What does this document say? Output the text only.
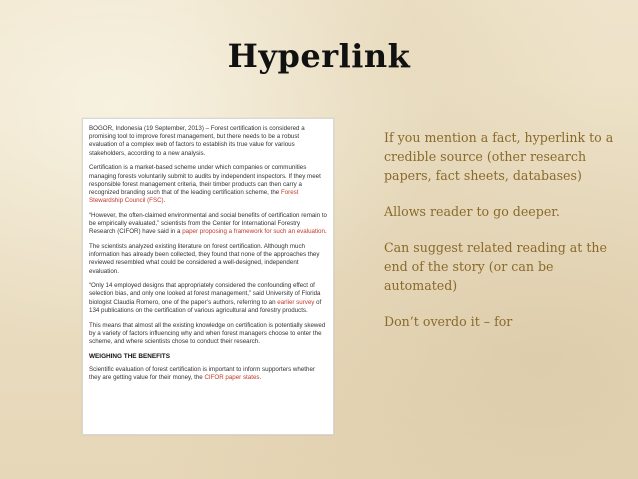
Hyperlink

BOGOR, Indonesia (19 September, 2013) – Forest certification is considered a promising tool to improve forest management, but there needs to be a robust evaluation of a complex web of factors to establish its true value for various stakeholders, according to a new analysis.

Certification is a market-based scheme under which companies or communities managing forests voluntarily submit to audits by independent inspectors. If they meet responsible forest management criteria, their timber products can then carry a recognized branding such that of the leading certification scheme, the Forest Stewardship Council (FSC).

“However, the often-claimed environmental and social benefits of certification remain to be empirically evaluated,” scientists from the Center for International Forestry Research (CIFOR) have said in a paper proposing a framework for such an evaluation.

The scientists analyzed existing literature on forest certification. Although much information has already been collected, they found that none of the approaches they reviewed resembled what could be considered a well-designed, independent evaluation.

“Only 14 employed designs that appropriately considered the confounding effect of selection bias, and only one looked at forest management,” said University of Florida biologist Claudia Romero, one of the paper’s authors, referring to an earlier survey of 134 publications on the certification of various agricultural and forestry products.

This means that almost all the existing knowledge on certification is potentially skewed by a variety of factors influencing why and when forest managers choose to enter the scheme, and where scientists chose to conduct their research.

WEIGHING THE BENEFITS

Scientific evaluation of forest certification is important to inform supporters whether they are getting value for their money, the CIFOR paper states.

If you mention a fact, hyperlink to a credible source (other research papers, fact sheets, databases)
Allows reader to go deeper.
Can suggest related reading at the end of the story (or can be automated)
Don’t overdo it – for
